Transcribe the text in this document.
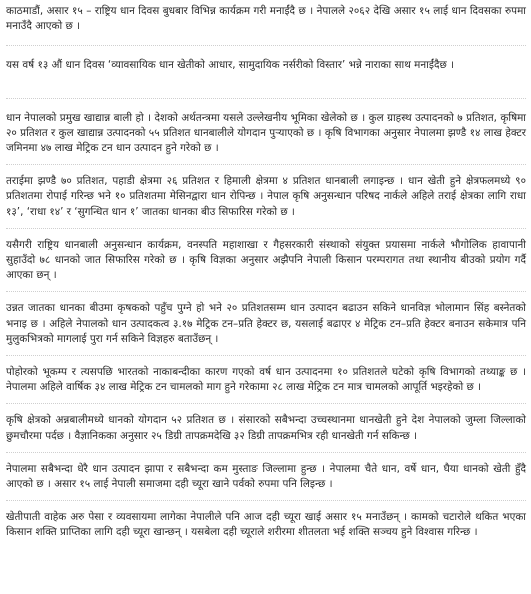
काठमाडौं, असार १५ – राष्ट्रिय धान दिवस बुधबार विभिन्न कार्यक्रम गरी मनाईंदै छ । नेपालले २०६२ देखि असार १५ लाई धान दिवसका रुपमा मनाउँदै आएको छ ।

यस वर्ष १३ औं धान दिवस ‘व्यावसायिक धान खेतीको आधार, सामुदायिक नर्सरीको विस्तार’ भन्ने नाराका साथ मनाईंदैछ ।

धान नेपालको प्रमुख खाद्यान्न बाली हो । देशको अर्थतन्त्रमा यसले उल्लेखनीय भूमिका खेलेको छ । कुल ग्राहस्थ उत्पादनको ७ प्रतिशत, कृषिमा २० प्रतिशत र कुल खाद्यान्न उत्पादनको ५५ प्रतिशत धानबालीले योगदान पुऱ्याएको छ । कृषि विभागका अनुसार नेपालमा झण्डै १४ लाख हेक्टर जमिनमा ४७ लाख मेट्रिक टन धान उत्पादन हुने गरेको छ ।

तराईमा झण्डै ७० प्रतिशत, पहाडी क्षेत्रमा २६ प्रतिशत र हिमाली क्षेत्रमा ४ प्रतिशत धानबाली लगाइन्छ । धान खेती हुने क्षेत्रफलमध्ये ९० प्रतिशतमा रोपाई गरिन्छ भने १० प्रतिशतमा मेसिनद्वारा धान रोपिन्छ । नेपाल कृषि अनुसन्धान परिषद नार्कले अहिले तराई क्षेत्रका लागि राधा १३’, ‘राधा १४’ र ‘सुगन्धित धान १’ जातका धानका बीउ सिफारिस गरेको छ ।

यसैगरी राष्ट्रिय धानबाली अनुसन्धान कार्यक्रम, वनस्पति महाशाखा र गैहसरकारी संस्थाको संयुक्त प्रयासमा नार्कले भौगोलिक हावापानी सुहाउँदो ७८ धानको जात सिफारिस गरेको छ । कृषि विज्ञका अनुसार अझैपनि नेपाली किसान परम्परागत तथा स्थानीय बीउको प्रयोग गर्दै आएका छन् ।

उन्नत जातका धानका बीउमा कृषकको पहुँच पुग्ने हो भने २० प्रतिशतसम्म धान उत्पादन बढाउन सकिने धानविज्ञ भोलामान सिंह बस्नेतको भनाइ छ । अहिले नेपालको धान उत्पादकत्व ३.१७ मेट्रिक टन–प्रति हेक्टर छ, यसलाई बढाएर ४ मेट्रिक टन–प्रति हेक्टर बनाउन सकेमात्र पनि मुलुकभित्रको मागलाई पुरा गर्न सकिने विज्ञहरु बताउँछन् ।

पोहोरको भूकम्प र त्यसपछि भारतको नाकाबन्दीका कारण गएको वर्ष धान उत्पादनमा १० प्रतिशतले घटेको कृषि विभागको तथ्याङ्क छ । नेपालमा अहिले वार्षिक ३४ लाख मेट्रिक टन चामलको माग हुने गरेकामा २८ लाख मेट्रिक टन मात्र चामलको आपूर्ति भइरहेको छ ।

कृषि क्षेत्रको अन्नबालीमध्ये धानको योगदान ५२ प्रतिशत छ । संसारको सबैभन्दा उच्चस्थानमा धानखेती हुने देश नेपालको जुम्ला जिल्लाको छुमचौरमा पर्दछ । वैज्ञानिकका अनुसार २५ डिग्री तापक्रमदेखि ३२ डिग्री तापक्रमभित्र रही धानखेती गर्न सकिन्छ ।

नेपालमा सबैभन्दा धेरै धान उत्पादन झापा र सबैभन्दा कम मुस्ताङ जिल्लामा हुन्छ । नेपालमा चैते धान, वर्षे धान, घैया धानको खेती हुँदै आएको छ । असार १५ लाई नेपाली समाजमा दही च्यूरा खाने पर्वको रुपमा पनि लिइन्छ ।

खेतीपाती वाहेक अरु पेसा र व्यवसायमा लागेका नेपालीले पनि आज दही च्यूरा खाई असार १५ मनाउँछन् । कामको चटारोले थकित भएका किसान शक्ति प्राप्तिका लागि दही च्यूरा खान्छन् । यसबेला दही च्यूराले शरीरमा शीतलता भई शक्ति सञ्चय हुने विश्वास गरिन्छ ।
